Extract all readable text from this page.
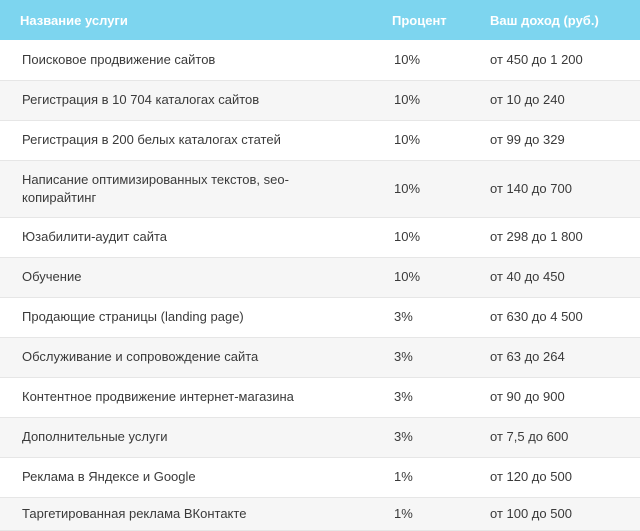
Название услуги	Процент	Ваш доход (руб.)
Поисковое продвижение сайтов	10%	от 450 до 1 200
Регистрация в 10 704 каталогах сайтов	10%	от 10 до 240
Регистрация в 200 белых каталогах статей	10%	от 99 до 329
Написание оптимизированных текстов, seo-копирайтинг	10%	от 140 до 700
Юзабилити-аудит сайта	10%	от 298 до 1 800
Обучение	10%	от 40 до 450
Продающие страницы (landing page)	3%	от 630 до 4 500
Обслуживание и сопровождение сайта	3%	от 63 до 264
Контентное продвижение интернет-магазина	3%	от 90 до 900
Дополнительные услуги	3%	от 7,5 до 600
Реклама в Яндексе и Google	1%	от 120 до 500
Таргетированная реклама ВКонтакте	1%	от 100 до 500
